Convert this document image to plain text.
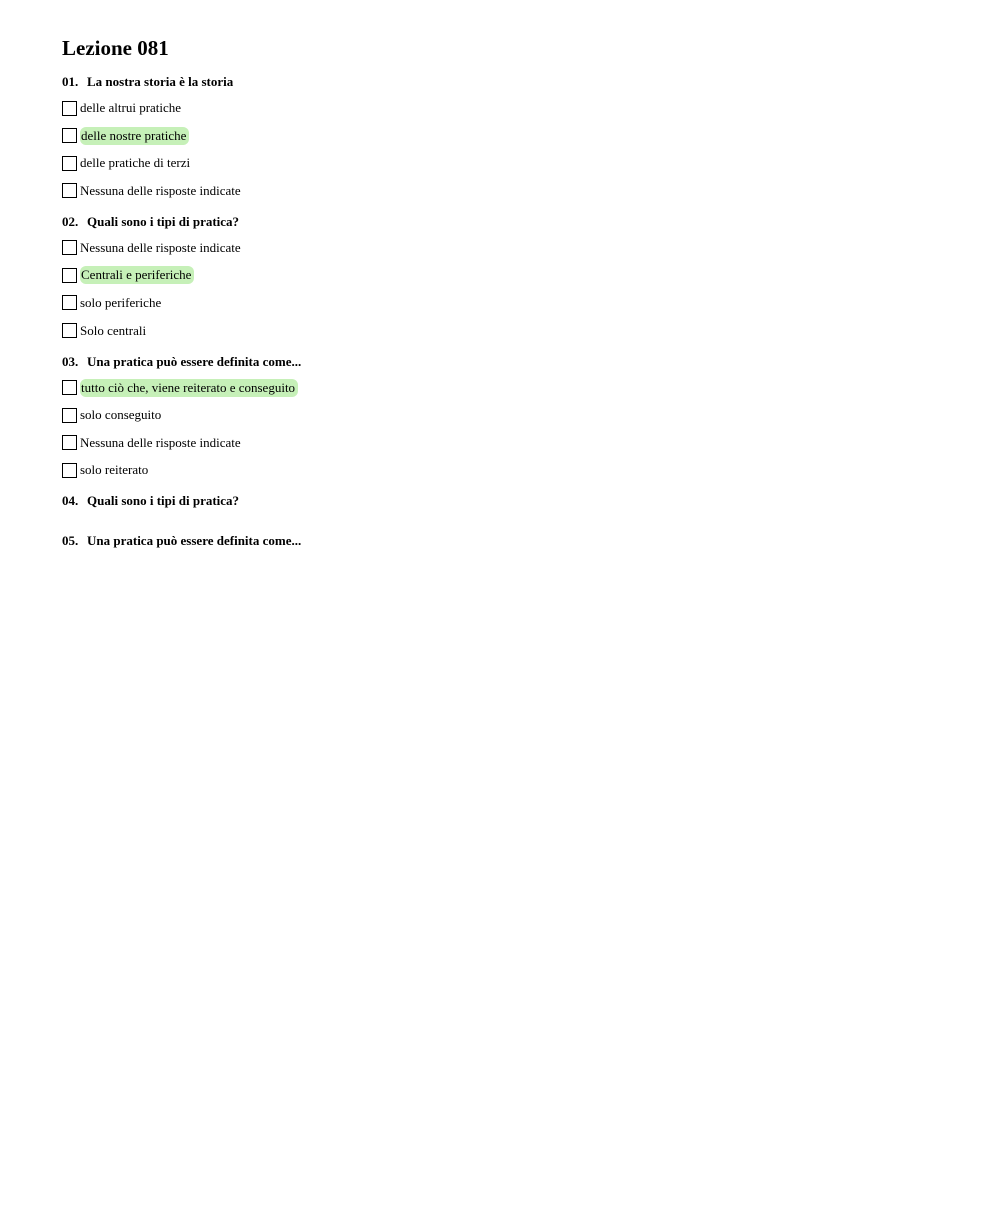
Lezione 081
01. La nostra storia è la storia
delle altrui pratiche
delle nostre pratiche
delle pratiche di terzi
Nessuna delle risposte indicate
02. Quali sono i tipi di pratica?
Nessuna delle risposte indicate
Centrali e periferiche
solo periferiche
Solo centrali
03. Una pratica può essere definita come...
tutto ciò che, viene reiterato e conseguito
solo conseguito
Nessuna delle risposte indicate
solo reiterato
04. Quali sono i tipi di pratica?
05. Una pratica può essere definita come...
